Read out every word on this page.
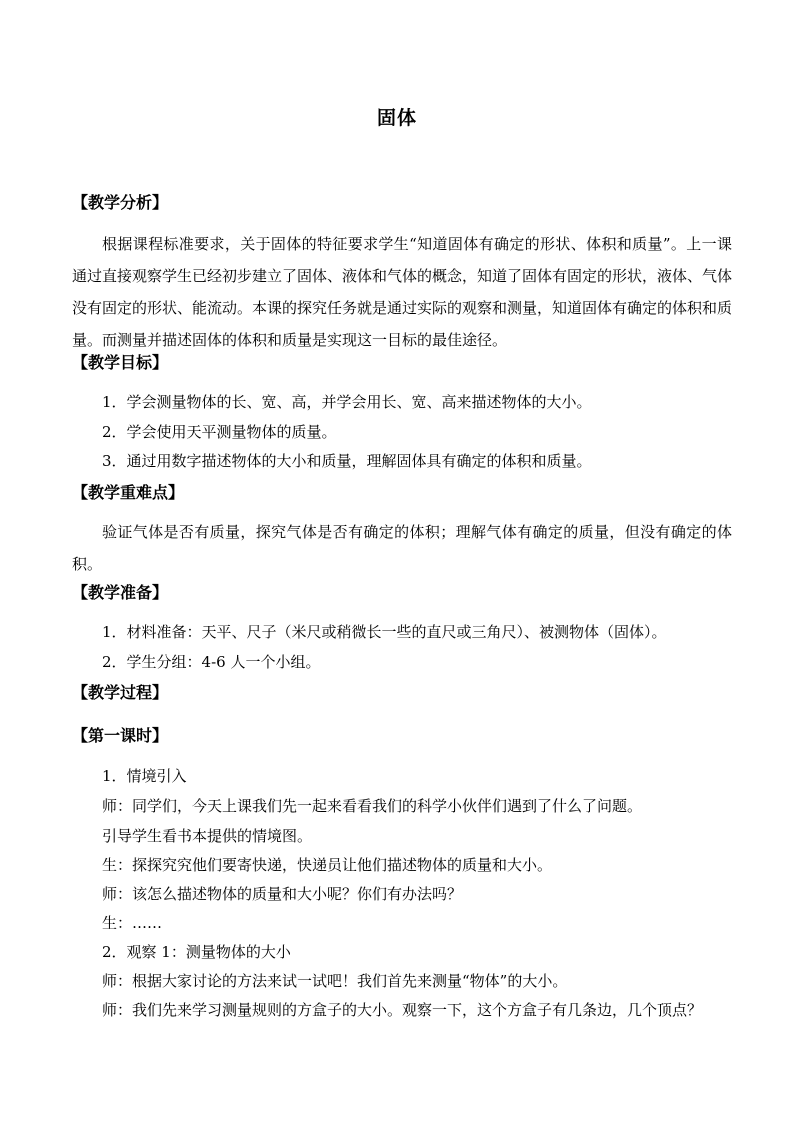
固体
【教学分析】
根据课程标准要求，关于固体的特征要求学生“知道固体有确定的形状、体积和质量”。上一课通过直接观察学生已经初步建立了固体、液体和气体的概念，知道了固体有固定的形状，液体、气体没有固定的形状、能流动。本课的探究任务就是通过实际的观察和测量，知道固体有确定的体积和质量。而测量并描述固体的体积和质量是实现这一目标的最佳途径。
【教学目标】
1．学会测量物体的长、宽、高，并学会用长、宽、高来描述物体的大小。
2．学会使用天平测量物体的质量。
3．通过用数字描述物体的大小和质量，理解固体具有确定的体积和质量。
【教学重难点】
验证气体是否有质量，探究气体是否有确定的体积；理解气体有确定的质量，但没有确定的体积。
【教学准备】
1．材料准备：天平、尺子（米尺或稍微长一些的直尺或三角尺）、被测物体（固体）。
2．学生分组：4-6 人一个小组。
【教学过程】
【第一课时】
1．情境引入
师：同学们，今天上课我们先一起来看看我们的科学小伙伴们遇到了什么了问题。
引导学生看书本提供的情境图。
生：探探究究他们要寄快递，快递员让他们描述物体的质量和大小。
师：该怎么描述物体的质量和大小呢？你们有办法吗？
生：……
2．观察 1：测量物体的大小
师：根据大家讨论的方法来试一试吧！我们首先来测量“物体”的大小。
师：我们先来学习测量规则的方盒子的大小。观察一下，这个方盒子有几条边，几个顶点？
